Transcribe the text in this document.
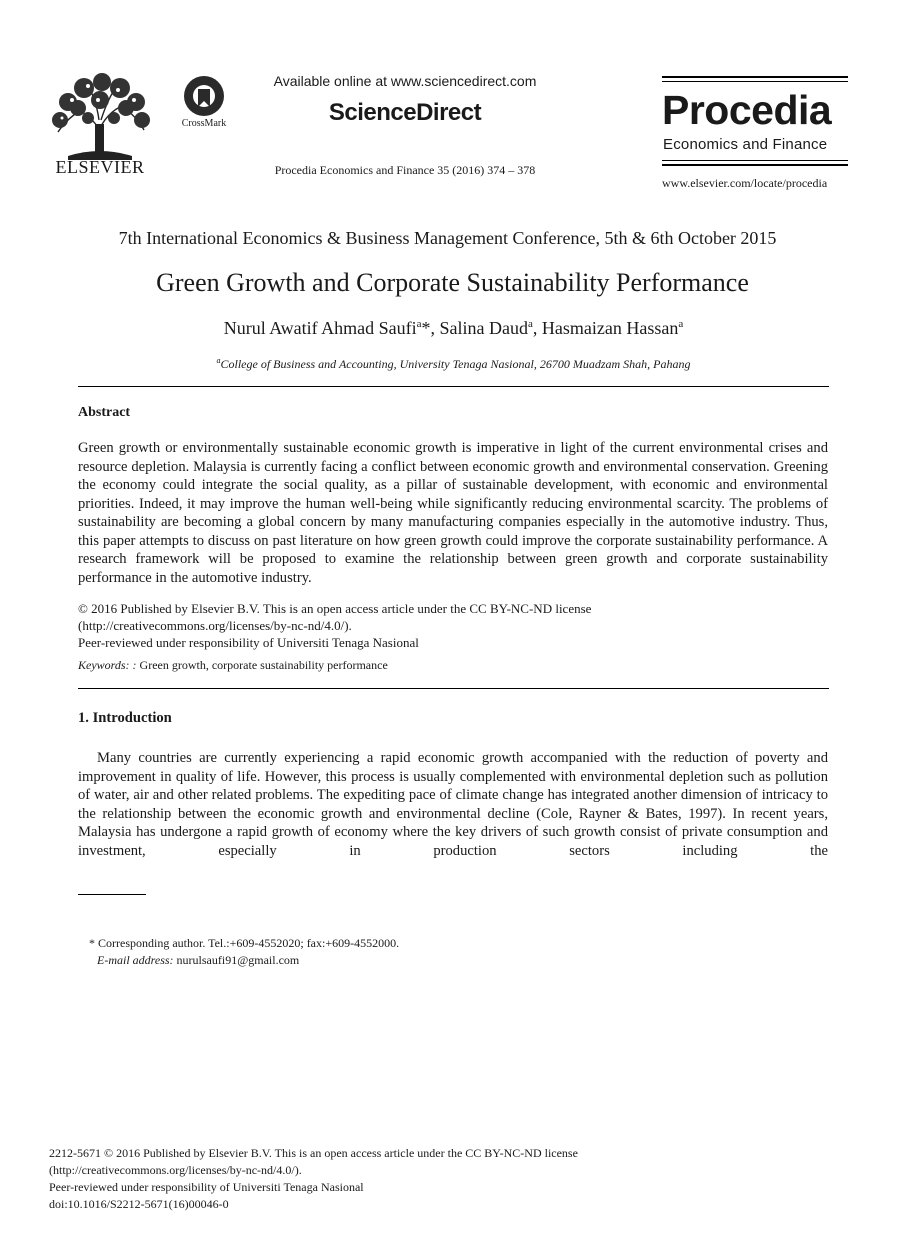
ELSEVIER
CrossMark
Available online at www.sciencedirect.com
ScienceDirect
Procedia Economics and Finance 35 (2016) 374 – 378
Procedia
Economics and Finance
www.elsevier.com/locate/procedia
7th International Economics & Business Management Conference, 5th & 6th October 2015
Green Growth and Corporate Sustainability Performance
Nurul Awatif Ahmad Saufi$^a$*, Salina Daud$^a$, Hasmaizan Hassan$^a$
$^a$College of Business and Accounting, University Tenaga Nasional, 26700 Muadzam Shah, Pahang
Abstract
Green growth or environmentally sustainable economic growth is imperative in light of the current environmental crises and resource depletion. Malaysia is currently facing a conflict between economic growth and environmental conservation. Greening the economy could integrate the social quality, as a pillar of sustainable development, with economic and environmental priorities. Indeed, it may improve the human well-being while significantly reducing environmental scarcity. The problems of sustainability are becoming a global concern by many manufacturing companies especially in the automotive industry. Thus, this paper attempts to discuss on past literature on how green growth could improve the corporate sustainability performance. A research framework will be proposed to examine the relationship between green growth and corporate sustainability performance in the automotive industry.
© 2016 Published by Elsevier B.V. This is an open access article under the CC BY-NC-ND license
(http://creativecommons.org/licenses/by-nc-nd/4.0/).
Peer-reviewed under responsibility of Universiti Tenaga Nasional
Keywords: : Green growth, corporate sustainability performance
1. Introduction
Many countries are currently experiencing a rapid economic growth accompanied with the reduction of poverty and improvement in quality of life. However, this process is usually complemented with environmental depletion such as pollution of water, air and other related problems. The expediting pace of climate change has integrated another dimension of intricacy to the relationship between the economic growth and environmental decline (Cole, Rayner & Bates, 1997). In recent years, Malaysia has undergone a rapid growth of economy where the key drivers of such growth consist of private consumption and investment, especially in production sectors including the
* Corresponding author. Tel.:+609-4552020; fax:+609-4552000.
E-mail address: nurulsaufi91@gmail.com
2212-5671 © 2016 Published by Elsevier B.V. This is an open access article under the CC BY-NC-ND license
(http://creativecommons.org/licenses/by-nc-nd/4.0/).
Peer-reviewed under responsibility of Universiti Tenaga Nasional
doi:10.1016/S2212-5671(16)00046-0
